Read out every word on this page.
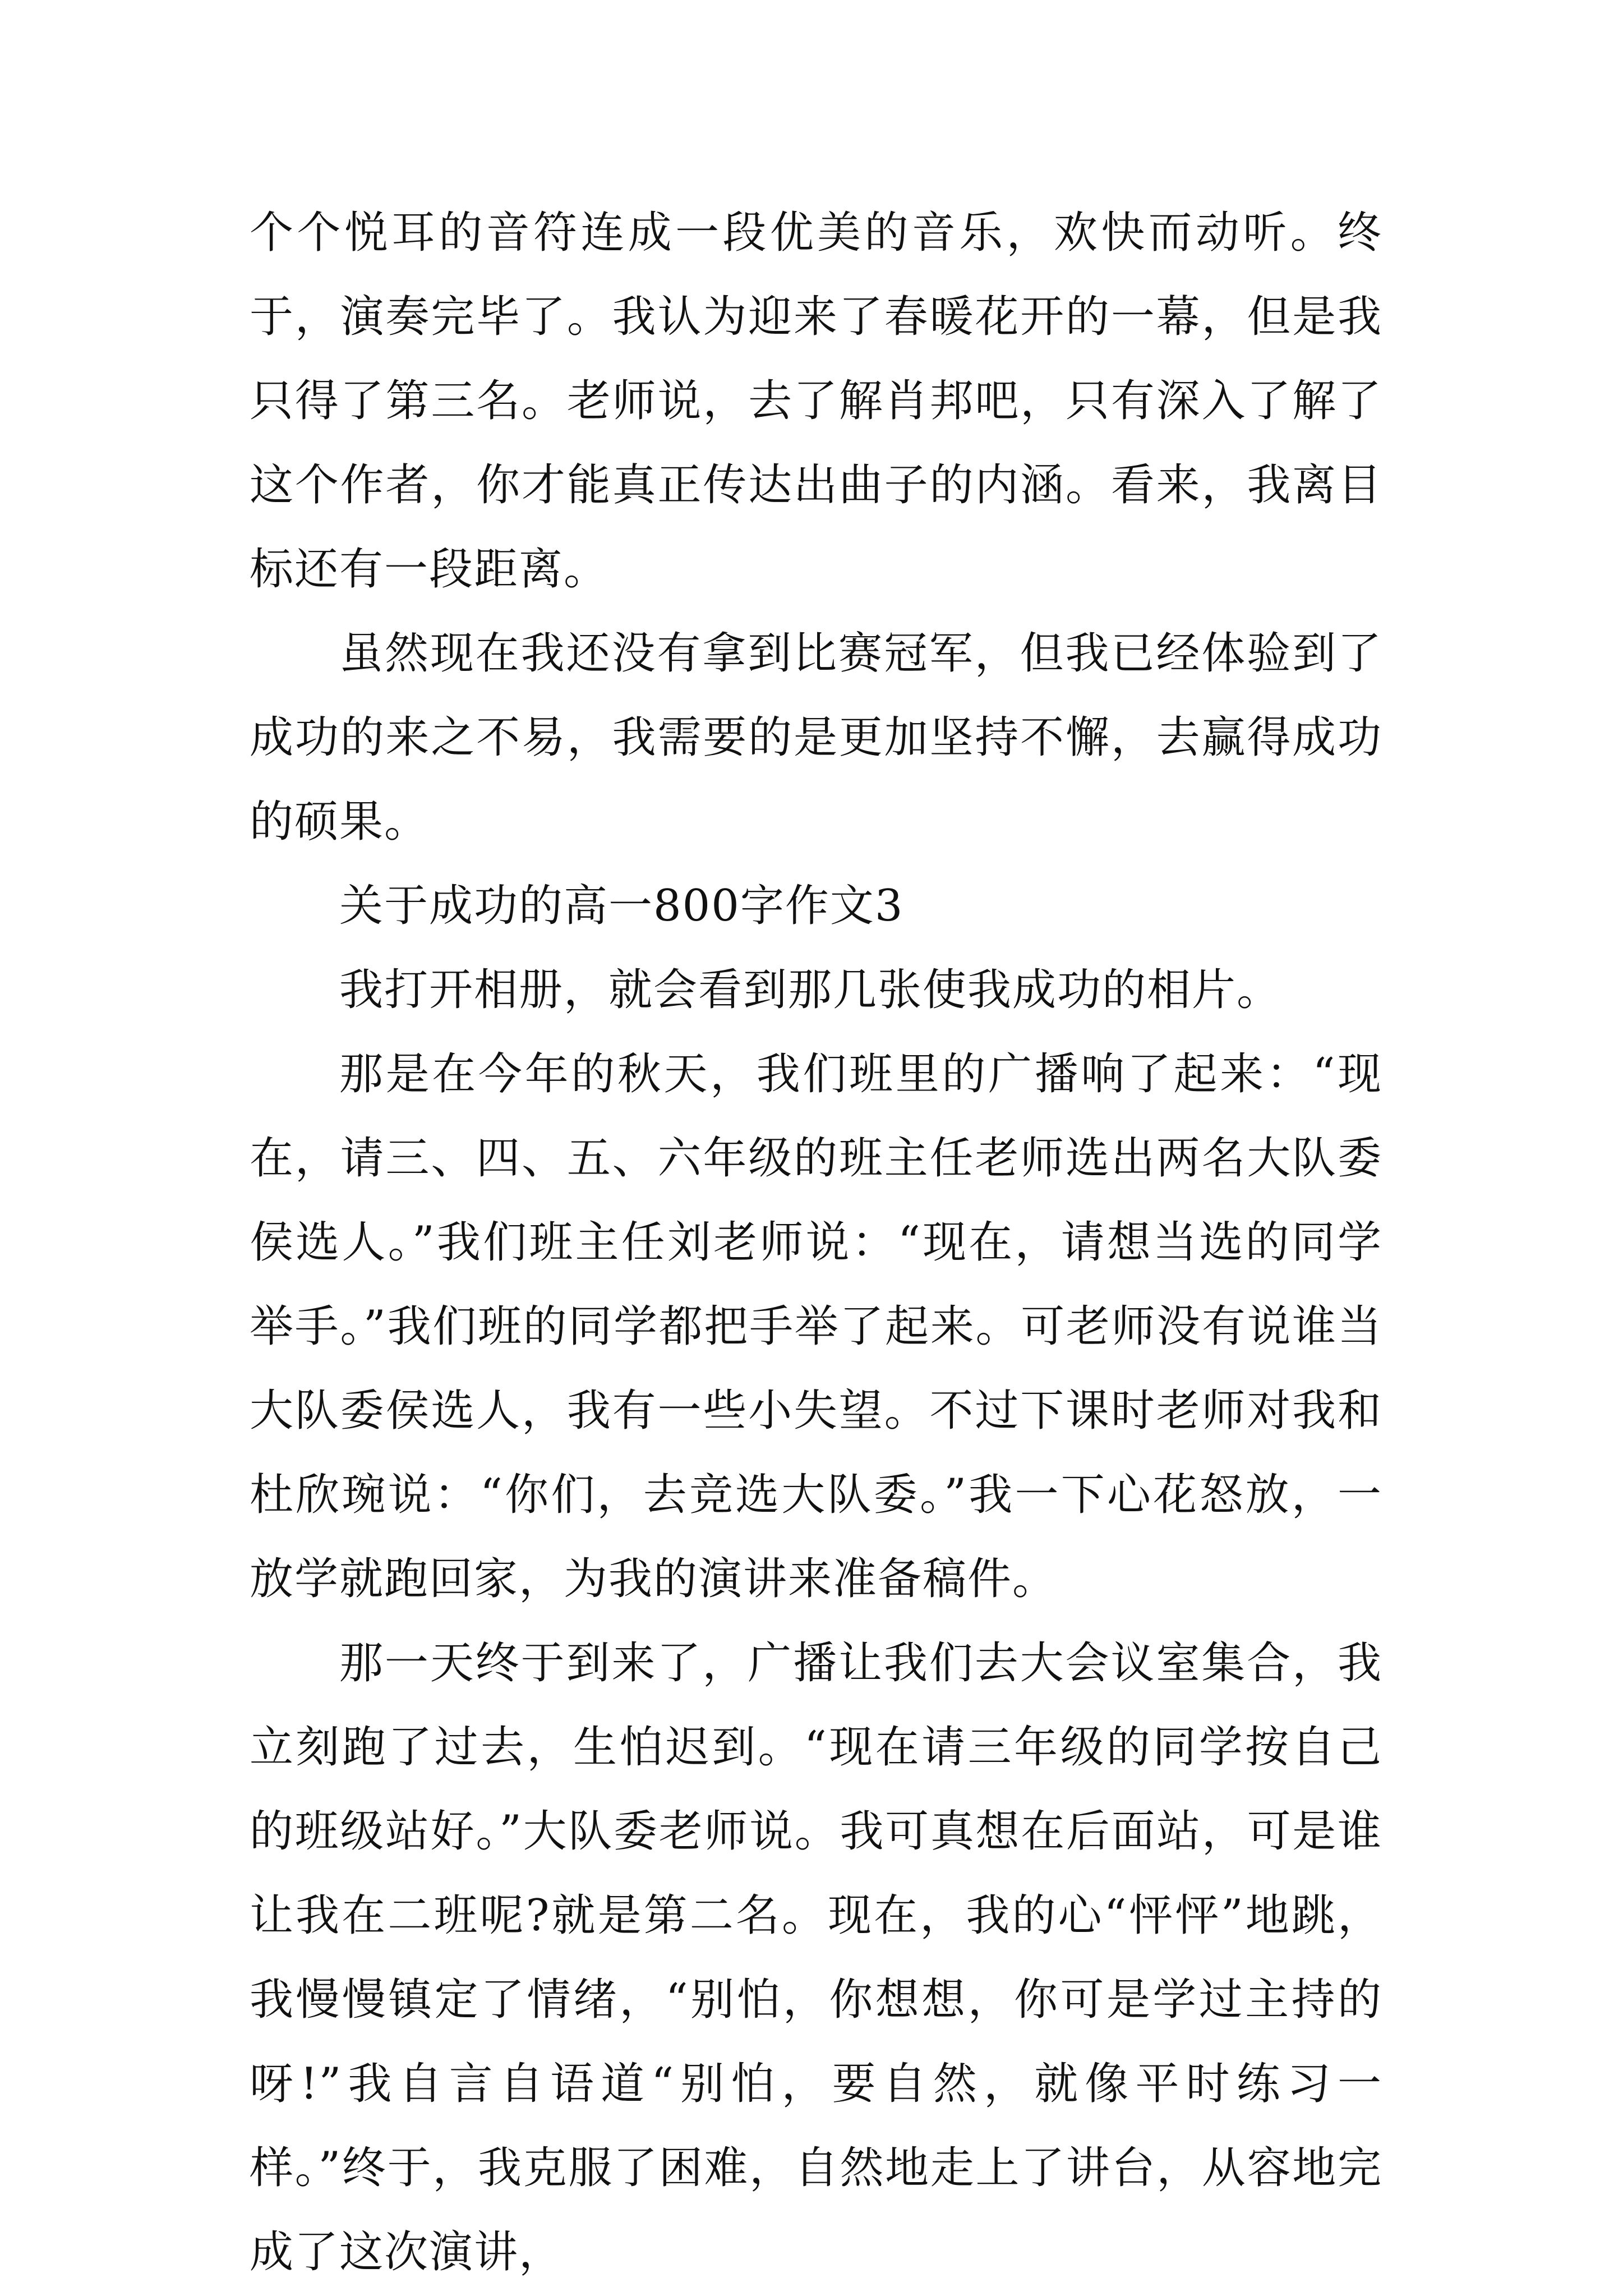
个个悦耳的音符连成一段优美的音乐，欢快而动听。终于，演奏完毕了。我认为迎来了春暖花开的一幕，但是我只得了第三名。老师说，去了解肖邦吧，只有深入了解了这个作者，你才能真正传达出曲子的内涵。看来，我离目标还有一段距离。

虽然现在我还没有拿到比赛冠军，但我已经体验到了成功的来之不易，我需要的是更加坚持不懈，去赢得成功的硕果。

关于成功的高一800字作文3

我打开相册，就会看到那几张使我成功的相片。

那是在今年的秋天，我们班里的广播响了起来：“现在，请三、四、五、六年级的班主任老师选出两名大队委侯选人。”我们班主任刘老师说：“现在，请想当选的同学举手。”我们班的同学都把手举了起来。可老师没有说谁当大队委侯选人，我有一些小失望。不过下课时老师对我和杜欣琬说：“你们，去竞选大队委。”我一下心花怒放，一放学就跑回家，为我的演讲来准备稿件。

那一天终于到来了，广播让我们去大会议室集合，我立刻跑了过去，生怕迟到。“现在请三年级的同学按自己的班级站好。”大队委老师说。我可真想在后面站，可是谁让我在二班呢?就是第二名。现在，我的心“怦怦”地跳，我慢慢镇定了情绪，“别怕，你想想，你可是学过主持的呀!”我自言自语道“别怕，要自然，就像平时练习一样。”终于，我克服了困难，自然地走上了讲台，从容地完成了这次演讲，
